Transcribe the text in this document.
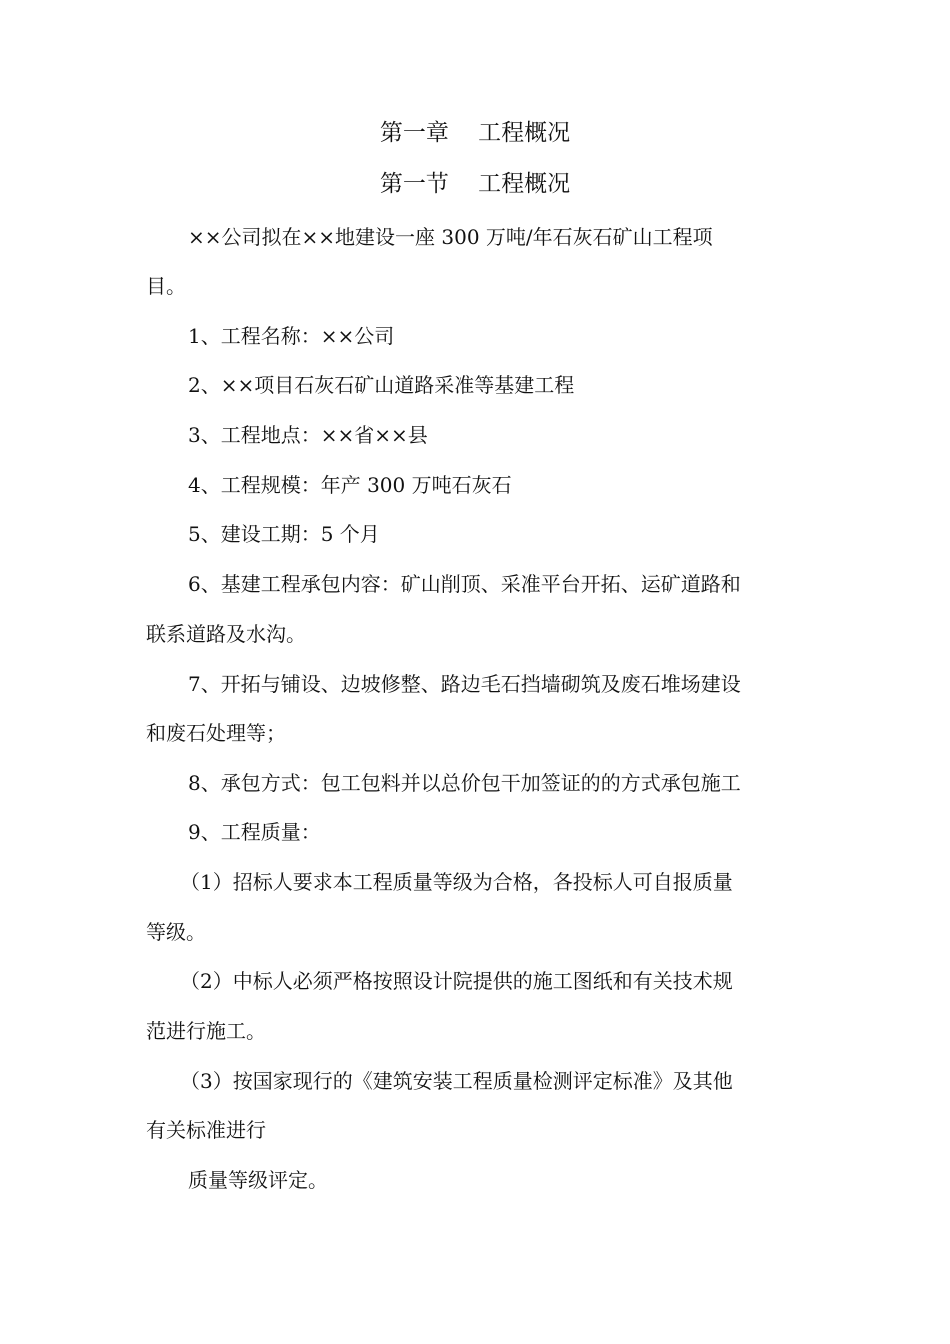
第一章    工程概况
第一节    工程概况
××公司拟在××地建设一座 300 万吨/年石灰石矿山工程项
目。
1、工程名称：××公司
2、××项目石灰石矿山道路采准等基建工程
3、工程地点：××省××县
4、工程规模：年产 300 万吨石灰石
5、建设工期：5 个月
6、基建工程承包内容：矿山削顶、采准平台开拓、运矿道路和
联系道路及水沟。
7、开拓与铺设、边坡修整、路边毛石挡墙砌筑及废石堆场建设
和废石处理等；
8、承包方式：包工包料并以总价包干加签证的的方式承包施工
9、工程质量：
（1）招标人要求本工程质量等级为合格，各投标人可自报质量
等级。
（2）中标人必须严格按照设计院提供的施工图纸和有关技术规
范进行施工。
（3）按国家现行的《建筑安装工程质量检测评定标准》及其他
有关标准进行
质量等级评定。
